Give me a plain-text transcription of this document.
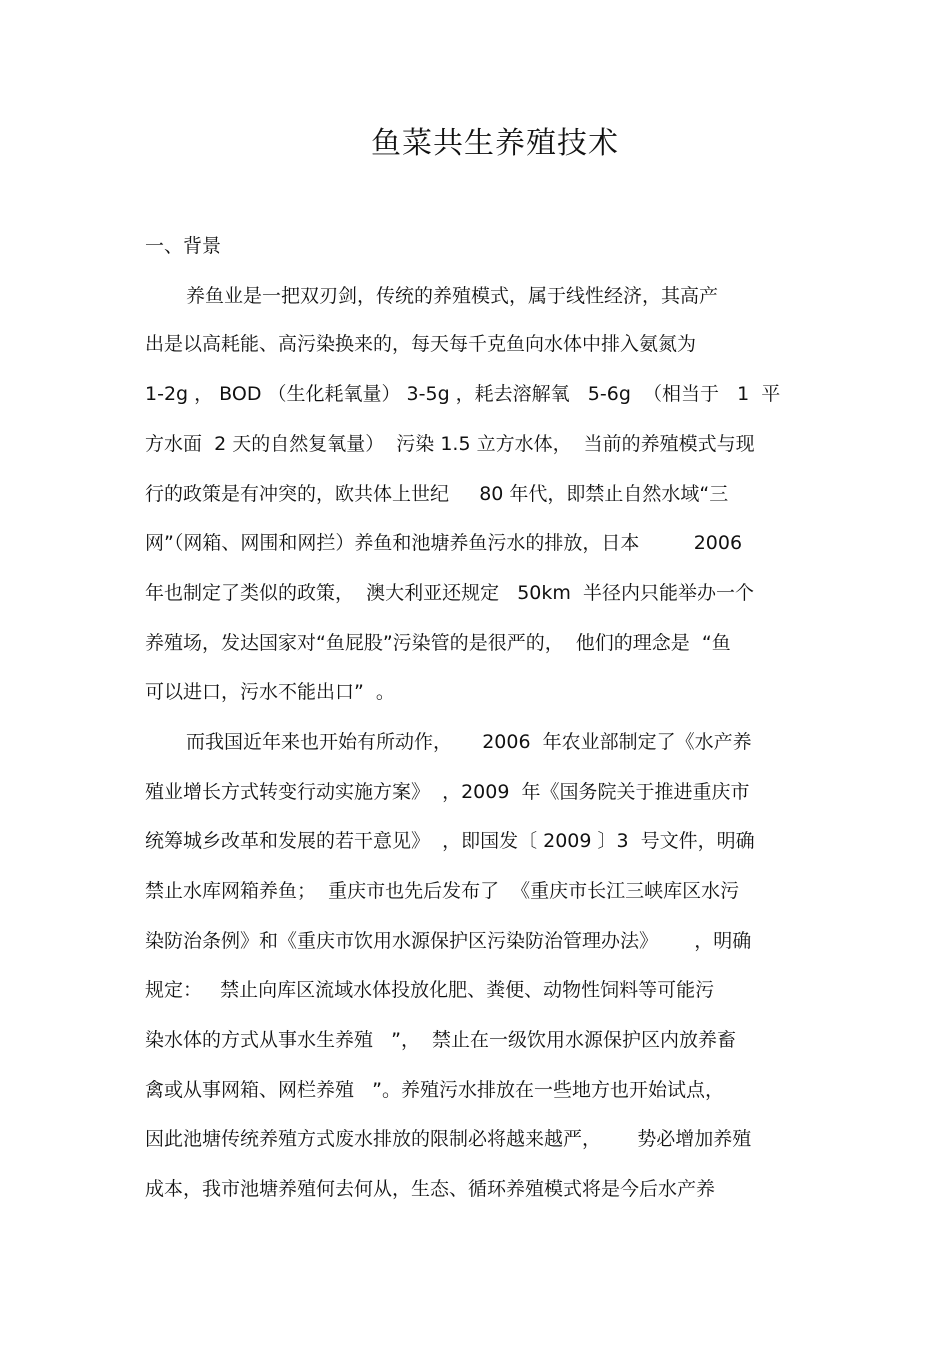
鱼菜共生养殖技术
一、背景
养鱼业是一把双刃剑，传统的养殖模式，属于线性经济，其高产
出是以高耗能、高污染换来的，每天每千克鱼向水体中排入氨氮为
1-2g ， BOD （生化耗氧量） 3-5g ，耗去溶解氧   5-6g  （相当于   1  平
方水面  2 天的自然复氧量）  污染 1.5 立方水体，  当前的养殖模式与现
行的政策是有冲突的，欧共体上世纪     80 年代，即禁止自然水域“三
网”（网箱、网围和网拦）养鱼和池塘养鱼污水的排放，日本         2006
年也制定了类似的政策，  澳大利亚还规定   50km  半径内只能举办一个
养殖场，发达国家对“鱼屁股”污染管的是很严的，  他们的理念是  “鱼
可以进口，污水不能出口”  。
而我国近年来也开始有所动作，     2006  年农业部制定了《水产养
殖业增长方式转变行动实施方案》  ，2009  年《国务院关于推进重庆市
统筹城乡改革和发展的若干意见》  ，即国发〔 2009 〕3  号文件，明确
禁止水库网箱养鱼；  重庆市也先后发布了  《重庆市长江三峡库区水污
染防治条例》和《重庆市饮用水源保护区污染防治管理办法》      ，明确
规定：   禁止向库区流域水体投放化肥、粪便、动物性饲料等可能污
染水体的方式从事水生养殖   ”，  禁止在一级饮用水源保护区内放养畜
禽或从事网箱、网栏养殖   ”。养殖污水排放在一些地方也开始试点，
因此池塘传统养殖方式废水排放的限制必将越来越严，      势必增加养殖
成本，我市池塘养殖何去何从，生态、循环养殖模式将是今后水产养
